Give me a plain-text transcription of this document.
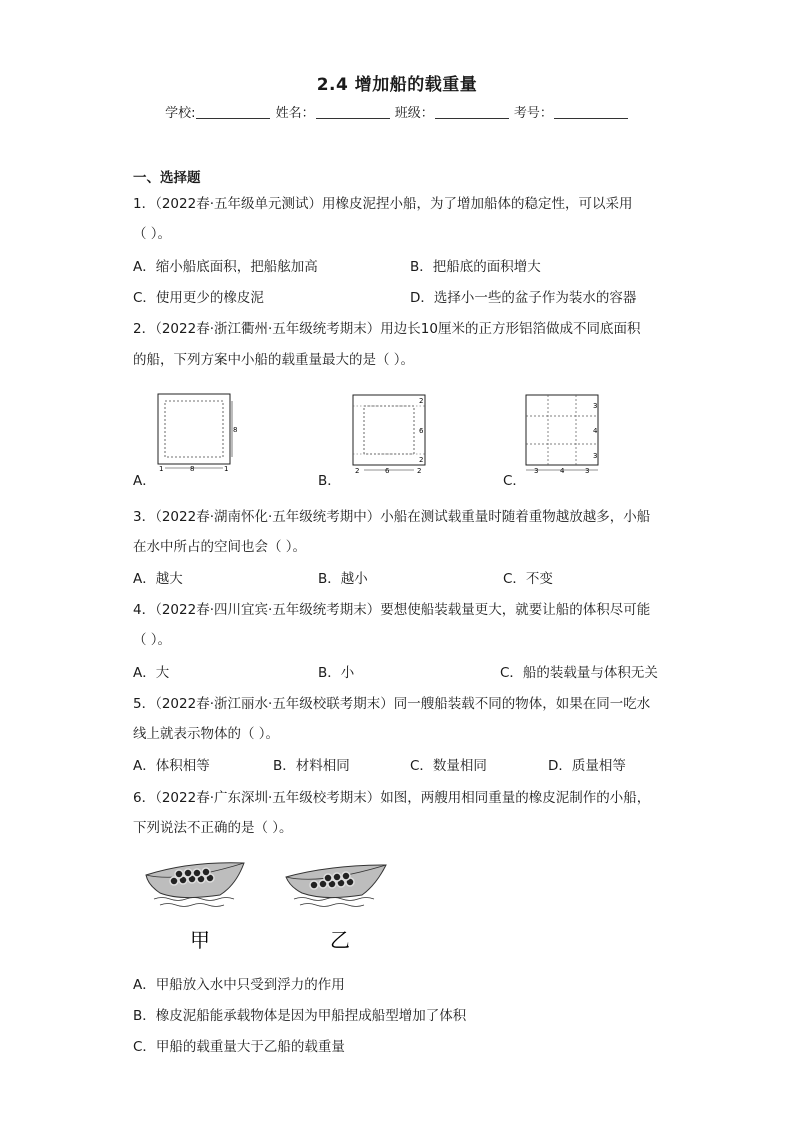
2.4 增加船的载重量
学校:	姓名：	班级：	考号：
一、选择题
1．（2022春·五年级单元测试）用橡皮泥捏小船，为了增加船体的稳定性，可以采用
（ ）。
A．缩小船底面积，把船舷加高	B．把船底的面积增大
C．使用更少的橡皮泥	D．选择小一些的盆子作为装水的容器
2．（2022春·浙江衢州·五年级统考期末）用边长10厘米的正方形铝箔做成不同底面积
的船，下列方案中小船的载重量最大的是（ ）。
8
8
1	1
A．
2
6
2
2	6	2
B．
3
4
3
3	4	3
C．
3．（2022春·湖南怀化·五年级统考期中）小船在测试载重量时随着重物越放越多，小船
在水中所占的空间也会（ ）。
A．越大	B．越小	C．不变
4．（2022春·四川宜宾·五年级统考期末）要想使船装载量更大，就要让船的体积尽可能
（ ）。
A．大	B．小	C．船的装载量与体积无关
5．（2022春·浙江丽水·五年级校联考期末）同一艘船装载不同的物体，如果在同一吃水
线上就表示物体的（ ）。
A．体积相等	B．材料相同	C．数量相同	D．质量相等
6．（2022春·广东深圳·五年级校考期末）如图，两艘用相同重量的橡皮泥制作的小船，
下列说法不正确的是（ ）。
甲	乙
A．甲船放入水中只受到浮力的作用
B．橡皮泥船能承载物体是因为甲船捏成船型增加了体积
C．甲船的载重量大于乙船的载重量
